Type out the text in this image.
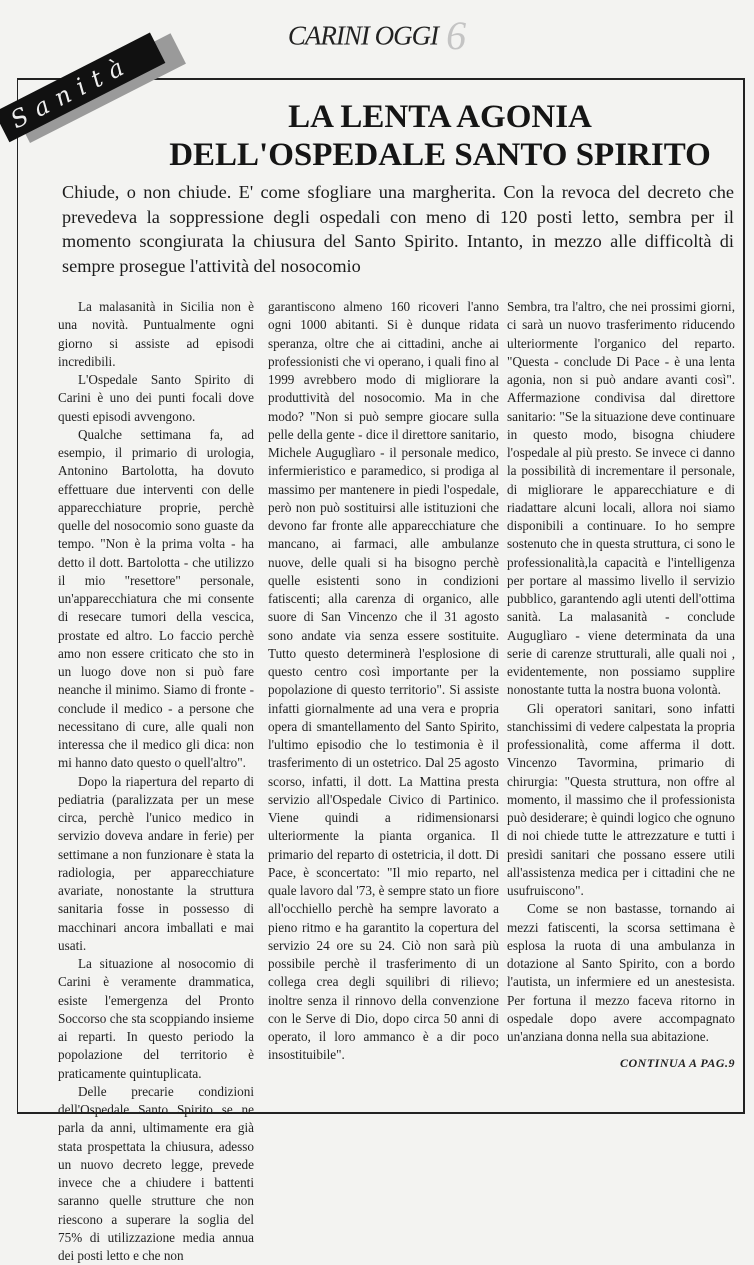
CARINI OGGI 6
Sanità	LA LENTA AGONIA
DELL'OSPEDALE SANTO SPIRITO
Chiude, o non chiude. E' come sfogliare una margherita. Con la revoca del decreto che prevedeva la soppressione degli ospedali con meno di 120 posti letto, sembra per il momento scongiurata la chiusura del Santo Spirito. Intanto, in mezzo alle difficoltà di sempre prosegue l'attività del nosocomio

La malasanità in Sicilia non è una novità. Puntualmente ogni giorno si assiste ad episodi incredibili.

L'Ospedale Santo Spirito di Carini è uno dei punti focali dove questi episodi avvengono.

Qualche settimana fa, ad esempio, il primario di urologia, Antonino Bartolotta, ha dovuto effettuare due interventi con delle apparecchiature proprie, perchè quelle del nosocomio sono guaste da tempo. "Non è la prima volta - ha detto il dott. Bartolotta - che utilizzo il mio "resettore" personale, un'apparecchiatura che mi consente di resecare tumori della vescica, prostate ed altro. Lo faccio perchè amo non essere criticato che sto in un luogo dove non si può fare neanche il minimo. Siamo di fronte - conclude il medico - a persone che necessitano di cure, alle quali non interessa che il medico gli dica: non mi hanno dato questo o quell'altro".

Dopo la riapertura del reparto di pediatria (paralizzata per un mese circa, perchè l'unico medico in servizio doveva andare in ferie) per settimane a non funzionare è stata la radiologia, per apparecchiature avariate, nonostante la struttura sanitaria fosse in possesso di macchinari ancora imballati e mai usati.

La situazione al nosocomio di Carini è veramente drammatica, esiste l'emergenza del Pronto Soccorso che sta scoppiando insieme ai reparti. In questo periodo la popolazione del territorio è praticamente quintuplicata.

Delle precarie condizioni dell'Ospedale Santo Spirito se ne parla da anni, ultimamente era già stata prospettata la chiusura, adesso un nuovo decreto legge, prevede invece che a chiudere i battenti saranno quelle strutture che non riescono a superare la soglia del 75% di utilizzazione media annua dei posti letto e che non

garantiscono almeno 160 ricoveri l'anno ogni 1000 abitanti. Si è dunque ridata speranza, oltre che ai cittadini, anche ai professionisti che vi operano, i quali fino al 1999 avrebbero modo di migliorare la produttività del nosocomio. Ma in che modo? "Non si può sempre giocare sulla pelle della gente - dice il direttore sanitario, Michele Auguglìaro - il personale medico, infermieristico e paramedico, si prodiga al massimo per mantenere in piedi l'ospedale, però non può sostituirsi alle istituzioni che devono far fronte alle apparecchiature che mancano, ai farmaci, alle ambulanze nuove, delle quali si ha bisogno perchè quelle esistenti sono in condizioni fatiscenti; alla carenza di organico, alle suore di San Vincenzo che il 31 agosto sono andate via senza essere sostituite. Tutto questo determinerà l'esplosione di questo centro così importante per la popolazione di questo territorio". Si assiste infatti giornalmente ad una vera e propria opera di smantellamento del Santo Spirito, l'ultimo episodio che lo testimonia è il trasferimento di un ostetrico. Dal 25 agosto scorso, infatti, il dott. La Mattina presta servizio all'Ospedale Civico di Partinico. Viene quindi a ridimensionarsi ulteriormente la pianta organica. Il primario del reparto di ostetricia, il dott. Di Pace, è sconcertato: "Il mio reparto, nel quale lavoro dal '73, è sempre stato un fiore all'occhiello perchè ha sempre lavorato a pieno ritmo e ha garantito la copertura del servizio 24 ore su 24. Ciò non sarà più possibile perchè il trasferimento di un collega crea degli squilibri di rilievo; inoltre senza il rinnovo della convenzione con le Serve di Dio, dopo circa 50 anni di operato, il loro ammanco è a dir poco insostituibile".

Sembra, tra l'altro, che nei prossimi giorni, ci sarà un nuovo trasferimento riducendo ulteriormente l'organico del reparto. "Questa - conclude Di Pace - è una lenta agonia, non si può andare avanti così". Affermazione condivisa dal direttore sanitario: "Se la situazione deve continuare in questo modo, bisogna chiudere l'ospedale al più presto. Se invece ci danno la possibilità di incrementare il personale, di migliorare le apparecchiature e di riadattare alcuni locali, allora noi siamo disponibili a continuare. Io ho sempre sostenuto che in questa struttura, ci sono le professionalità,la capacità e l'intelligenza per portare al massimo livello il servizio pubblico, garantendo agli utenti dell'ottima sanità. La malasanità - conclude Auguglìaro - viene determinata da una serie di carenze strutturali, alle quali noi , evidentemente, non possiamo supplire nonostante tutta la nostra buona volontà.

Gli operatori sanitari, sono infatti stanchissimi di vedere calpestata la propria professionalità, come afferma il dott. Vincenzo Tavormina, primario di chirurgia: "Questa struttura, non offre al momento, il massimo che il professionista può desiderare; è quindi logico che ognuno di noi chiede tutte le attrezzature e tutti i presìdi sanitari che possano essere utili all'assistenza medica per i cittadini che ne usufruiscono".

Come se non bastasse, tornando ai mezzi fatiscenti, la scorsa settimana è esplosa la ruota di una ambulanza in dotazione al Santo Spirito, con a bordo l'autista, un infermiere ed un anestesista. Per fortuna il mezzo faceva ritorno in ospedale dopo avere accompagnato un'anziana donna nella sua abitazione.

CONTINUA A PAG.9
